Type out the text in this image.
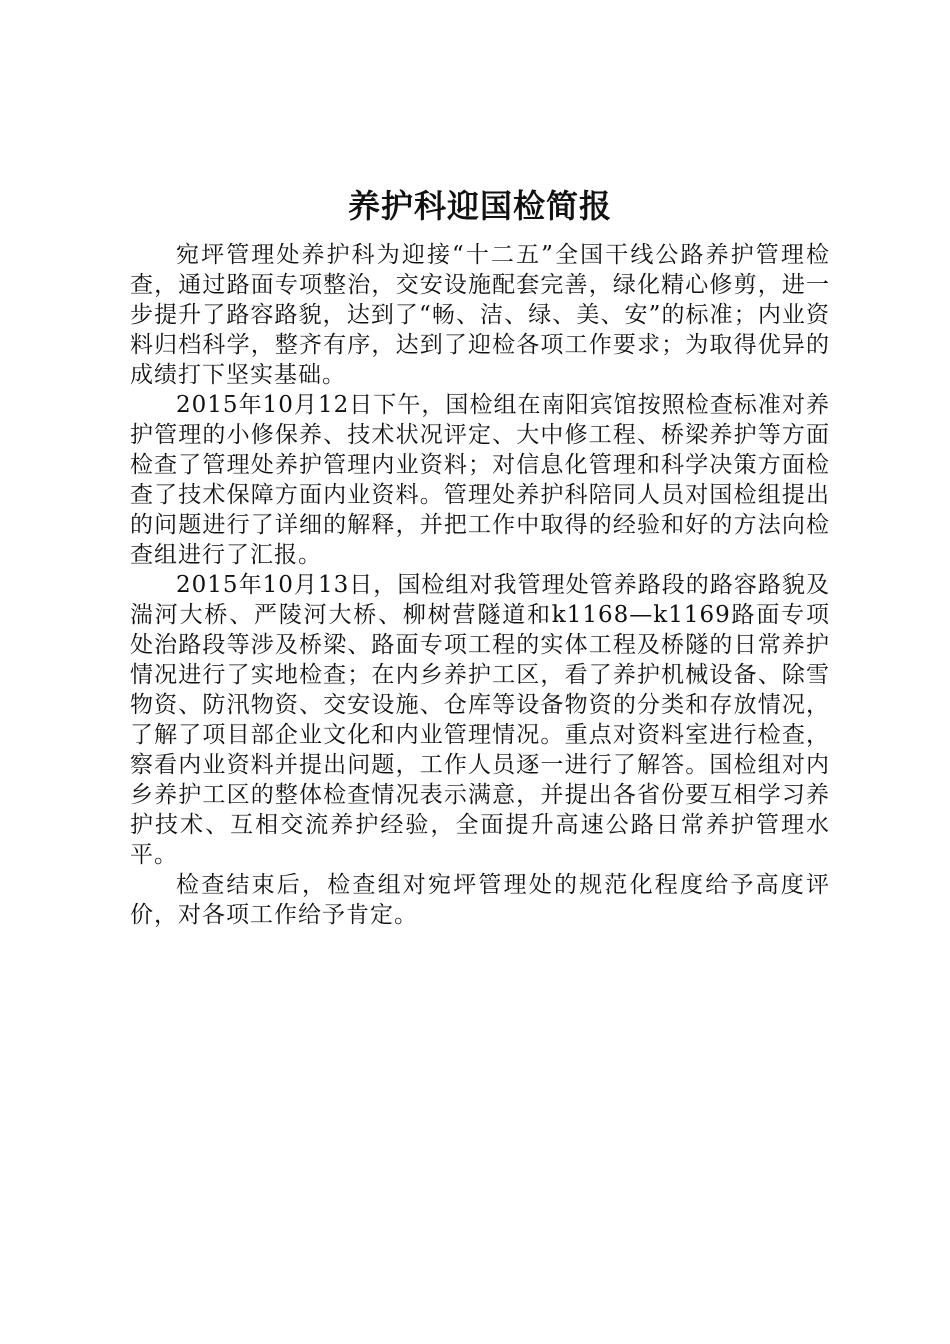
养护科迎国检简报

宛坪管理处养护科为迎接“十二五”全国干线公路养护管理检查，通过路面专项整治，交安设施配套完善，绿化精心修剪，进一步提升了路容路貌，达到了“畅、洁、绿、美、安”的标准；内业资料归档科学，整齐有序，达到了迎检各项工作要求；为取得优异的成绩打下坚实基础。

2015年10月12日下午，国检组在南阳宾馆按照检查标准对养护管理的小修保养、技术状况评定、大中修工程、桥梁养护等方面检查了管理处养护管理内业资料；对信息化管理和科学决策方面检查了技术保障方面内业资料。管理处养护科陪同人员对国检组提出的问题进行了详细的解释，并把工作中取得的经验和好的方法向检查组进行了汇报。

2015年10月13日，国检组对我管理处管养路段的路容路貌及湍河大桥、严陵河大桥、柳树营隧道和k1168—k1169路面专项处治路段等涉及桥梁、路面专项工程的实体工程及桥隧的日常养护情况进行了实地检查；在内乡养护工区，看了养护机械设备、除雪物资、防汛物资、交安设施、仓库等设备物资的分类和存放情况，了解了项目部企业文化和内业管理情况。重点对资料室进行检查，察看内业资料并提出问题，工作人员逐一进行了解答。国检组对内乡养护工区的整体检查情况表示满意，并提出各省份要互相学习养护技术、互相交流养护经验，全面提升高速公路日常养护管理水平。

检查结束后，检查组对宛坪管理处的规范化程度给予高度评价，对各项工作给予肯定。
